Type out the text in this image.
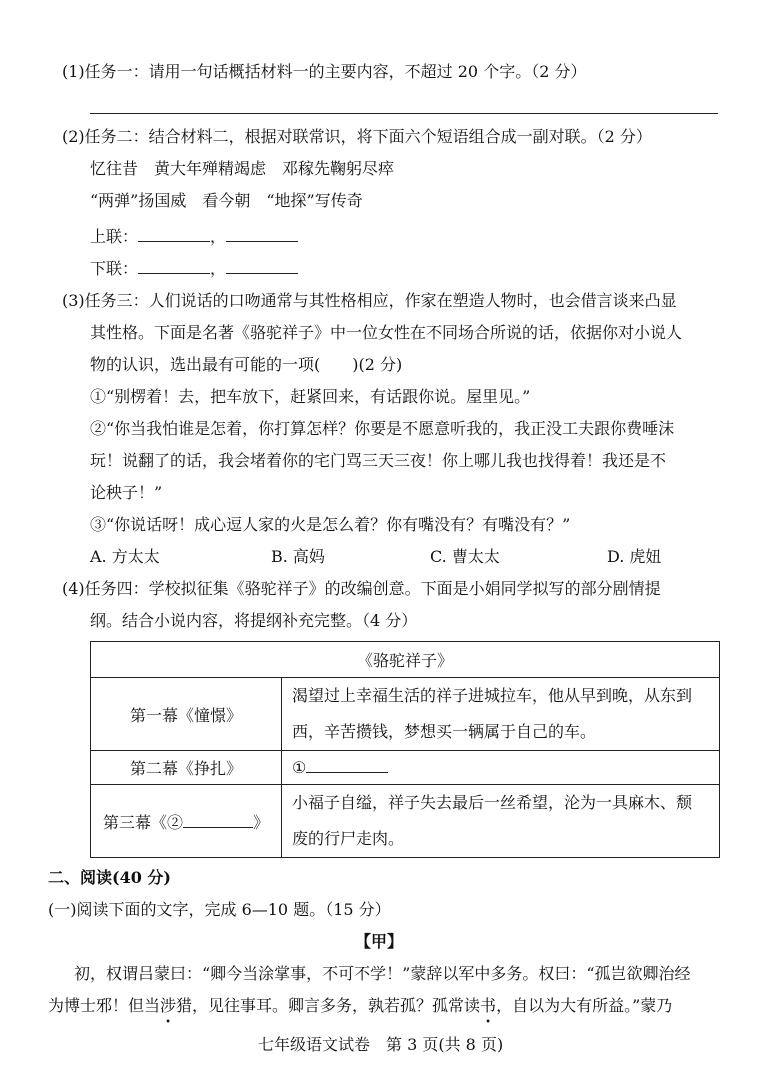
(1)任务一：请用一句话概括材料一的主要内容，不超过 20 个字。（2 分）
(2)任务二：结合材料二，根据对联常识，将下面六个短语组合成一副对联。（2 分）
忆往昔　黄大年殚精竭虑　邓稼先鞠躬尽瘁
“两弹”扬国威　看今朝　“地探”写传奇
上联：	，
下联：	，
(3)任务三：人们说话的口吻通常与其性格相应，作家在塑造人物时，也会借言谈来凸显
其性格。下面是名著《骆驼祥子》中一位女性在不同场合所说的话，依据你对小说人
物的认识，选出最有可能的一项(　　)(2 分)
①“别楞着！去，把车放下，赶紧回来，有话跟你说。屋里见。”
②“你当我怕谁是怎着，你打算怎样？你要是不愿意听我的，我正没工夫跟你费唾沫
玩！说翻了的话，我会堵着你的宅门骂三天三夜！你上哪儿我也找得着！我还是不
论秧子！”
③“你说话呀！成心逗人家的火是怎么着？你有嘴没有？有嘴没有？”
A. 方太太	B. 高妈	C. 曹太太	D. 虎妞
(4)任务四：学校拟征集《骆驼祥子》的改编创意。下面是小娟同学拟写的部分剧情提
纲。结合小说内容，将提纲补充完整。（4 分）
《骆驼祥子》	
第一幕《憧憬》	渴望过上幸福生活的祥子进城拉车，他从早到晚，从东到
西，辛苦攒钱，梦想买一辆属于自己的车。

第二幕《挣扎》	①
第三幕《② 》	小福子自缢，祥子失去最后一丝希望，沦为一具麻木、颓
废的行尸走肉。
二、阅读(40 分)
(一)阅读下面的文字，完成 6—10 题。（15 分）
【甲】
初，权谓吕蒙曰：“卿今当涂掌事，不可不学！”蒙辞以军中多务。权曰：“孤岂欲卿治经
为博士邪！但当涉猎，见往事耳。卿言多务，孰若孤？孤常读书，自以为大有所益。”蒙乃
七年级语文试卷　第 3 页(共 8 页)
